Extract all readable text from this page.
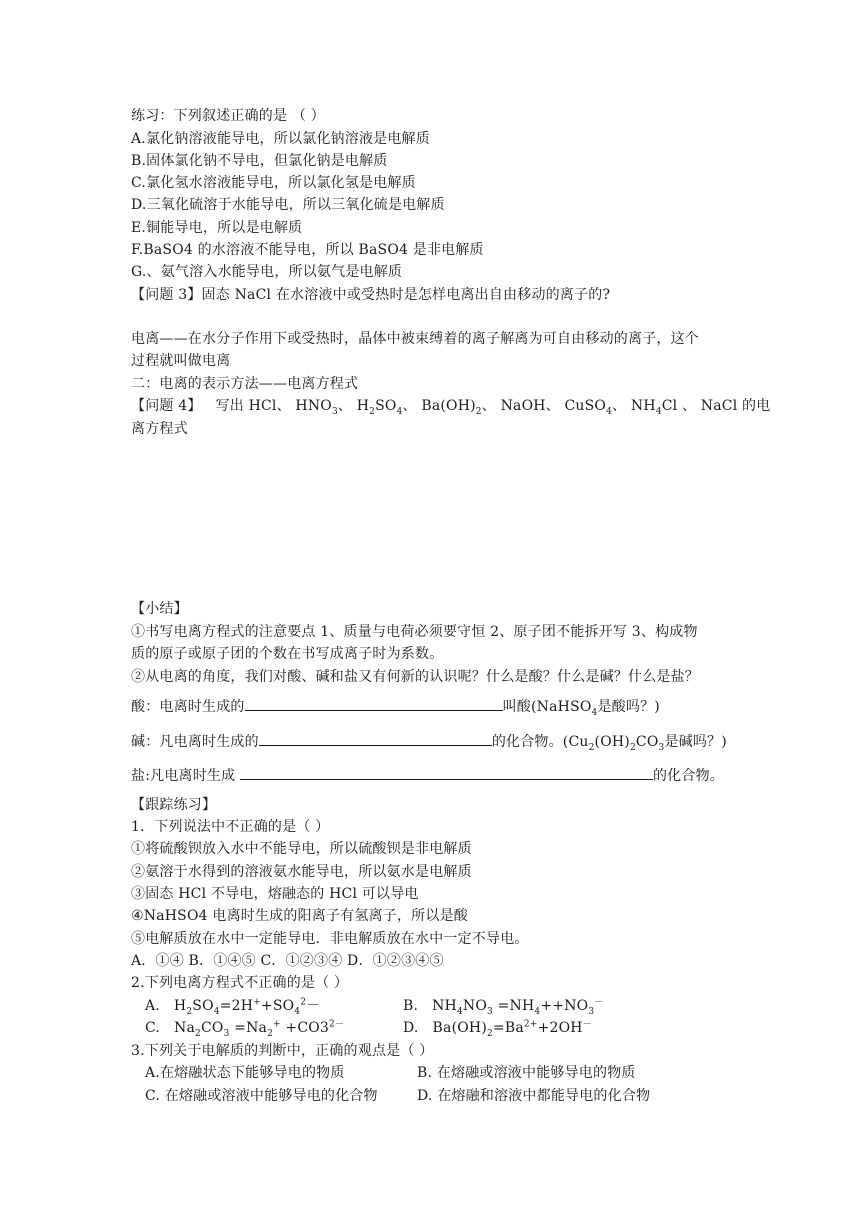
练习：下列叙述正确的是 （ ）
A.氯化钠溶液能导电，所以氯化钠溶液是电解质
B.固体氯化钠不导电，但氯化钠是电解质
C.氯化氢水溶液能导电，所以氯化氢是电解质
D.三氧化硫溶于水能导电，所以三氧化硫是电解质
E.铜能导电，所以是电解质
F.BaSO4 的水溶液不能导电，所以 BaSO4 是非电解质
G.、氨气溶入水能导电，所以氨气是电解质
【问题 3】固态 NaCl 在水溶液中或受热时是怎样电离出自由移动的离子的?
电离——在水分子作用下或受热时，晶体中被束缚着的离子解离为可自由移动的离子，这个
过程就叫做电离
二：电离的表示方法——电离方程式
【问题 4】 写出 HCl、 $HNO_3$、 $H_2SO_4$、 $Ba(OH)_2$、 NaOH、 CuSO$_4$、 $NH_4Cl$ 、 NaCl 的电
离方程式
【小结】
①书写电离方程式的注意要点 1、质量与电荷必须要守恒 2、原子团不能拆开写 3、构成物
质的原子或原子团的个数在书写成离子时为系数。
②从电离的角度，我们对酸、碱和盐又有何新的认识呢？什么是酸？什么是碱？什么是盐？
酸：电离时生成的	叫酸(NaHSO$_4$是酸吗？)
碱：凡电离时生成的	的化合物。($Cu_2(OH)_2CO_3$是碱吗？)
盐:凡电离时生成	的化合物。
【跟踪练习】
1．下列说法中不正确的是（ ）
①将硫酸钡放入水中不能导电，所以硫酸钡是非电解质
②氨溶于水得到的溶液氨水能导电，所以氨水是电解质
③固态 HCl 不导电，熔融态的 HCl 可以导电
④NaHSO4 电离时生成的阳离子有氢离子，所以是酸
⑤电解质放在水中一定能导电．非电解质放在水中一定不导电。
A．①④ B．①④⑤ C．①②③④ D．①②③④⑤
2.下列电离方程式不正确的是（ ）
A. $H_2SO_4=2H^++SO_4^2-$	B. $NH_4NO_3 =NH_4++NO_3^-$
C. $Na_2CO_3 =Na_2^+ +CO3^{2-}$	D. $Ba(OH)_2=Ba^{2+}+2OH^-$
3.下列关于电解质的判断中，正确的观点是（ ）
A.在熔融状态下能够导电的物质	B. 在熔融或溶液中能够导电的物质
C. 在熔融或溶液中能够导电的化合物	D. 在熔融和溶液中都能导电的化合物
